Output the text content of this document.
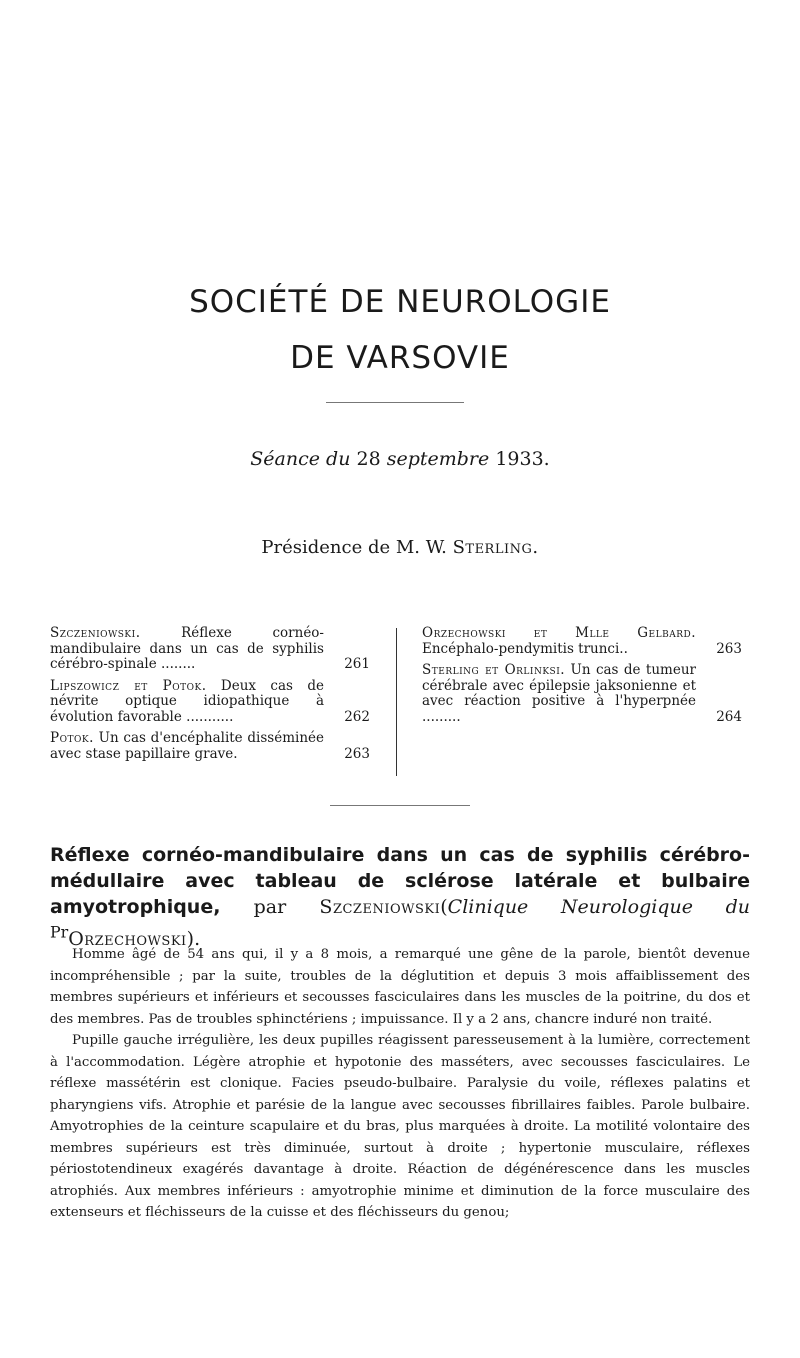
SOCIÉTÉ DE NEUROLOGIE
DE VARSOVIE
Séance du 28 septembre 1933.
Présidence de M. W. Sterling.
Szczeniowski.	Réflexe cornéo-mandibulaire dans un cas de syphilis cérébro-spinale ........	261
Lipszowicz et Potok. Deux cas de névrite optique idiopathique à évolution favorable ...........	262
Potok. Un cas d'encéphalite disséminée avec stase papillaire grave.	263
Orzechowski et Mlle Gelbard. Encéphalo-pendymitis trunci..	263
Sterling et Orlinksi. Un cas de tumeur cérébrale avec épilepsie jaksonienne et avec réaction positive à l'hyperpnée .........	264
Réflexe cornéo-mandibulaire dans un cas de syphilis cérébro-médullaire avec tableau de sclérose latérale et bulbaire amyotrophique, par Szczeniowski(Clinique Neurologique du $^{Pr}$Orzechowski).

Homme âgé de 54 ans qui, il y a 8 mois, a remarqué une gêne de la parole, bientôt devenue incompréhensible ; par la suite, troubles de la déglutition et depuis 3 mois affaiblissement des membres supérieurs et inférieurs et secousses fasciculaires dans les muscles de la poitrine, du dos et des membres. Pas de troubles sphinctériens ; impuissance. Il y a 2 ans, chancre induré non traité.

Pupille gauche irrégulière, les deux pupilles réagissent paresseusement à la lumière, correctement à l'accommodation. Légère atrophie et hypotonie des masséters, avec secousses fasciculaires. Le réflexe massétérin est clonique. Facies pseudo-bulbaire. Paralysie du voile, réflexes palatins et pharyngiens vifs. Atrophie et parésie de la langue avec secousses fibrillaires faibles. Parole bulbaire. Amyotrophies de la ceinture scapulaire et du bras, plus marquées à droite. La motilité volontaire des membres supérieurs est très diminuée, surtout à droite ; hypertonie musculaire, réflexes périostotendineux exagérés davantage à droite. Réaction de dégénérescence dans les muscles atrophiés. Aux membres inférieurs : amyotrophie minime et diminution de la force musculaire des extenseurs et fléchisseurs de la cuisse et des fléchisseurs du genou;
